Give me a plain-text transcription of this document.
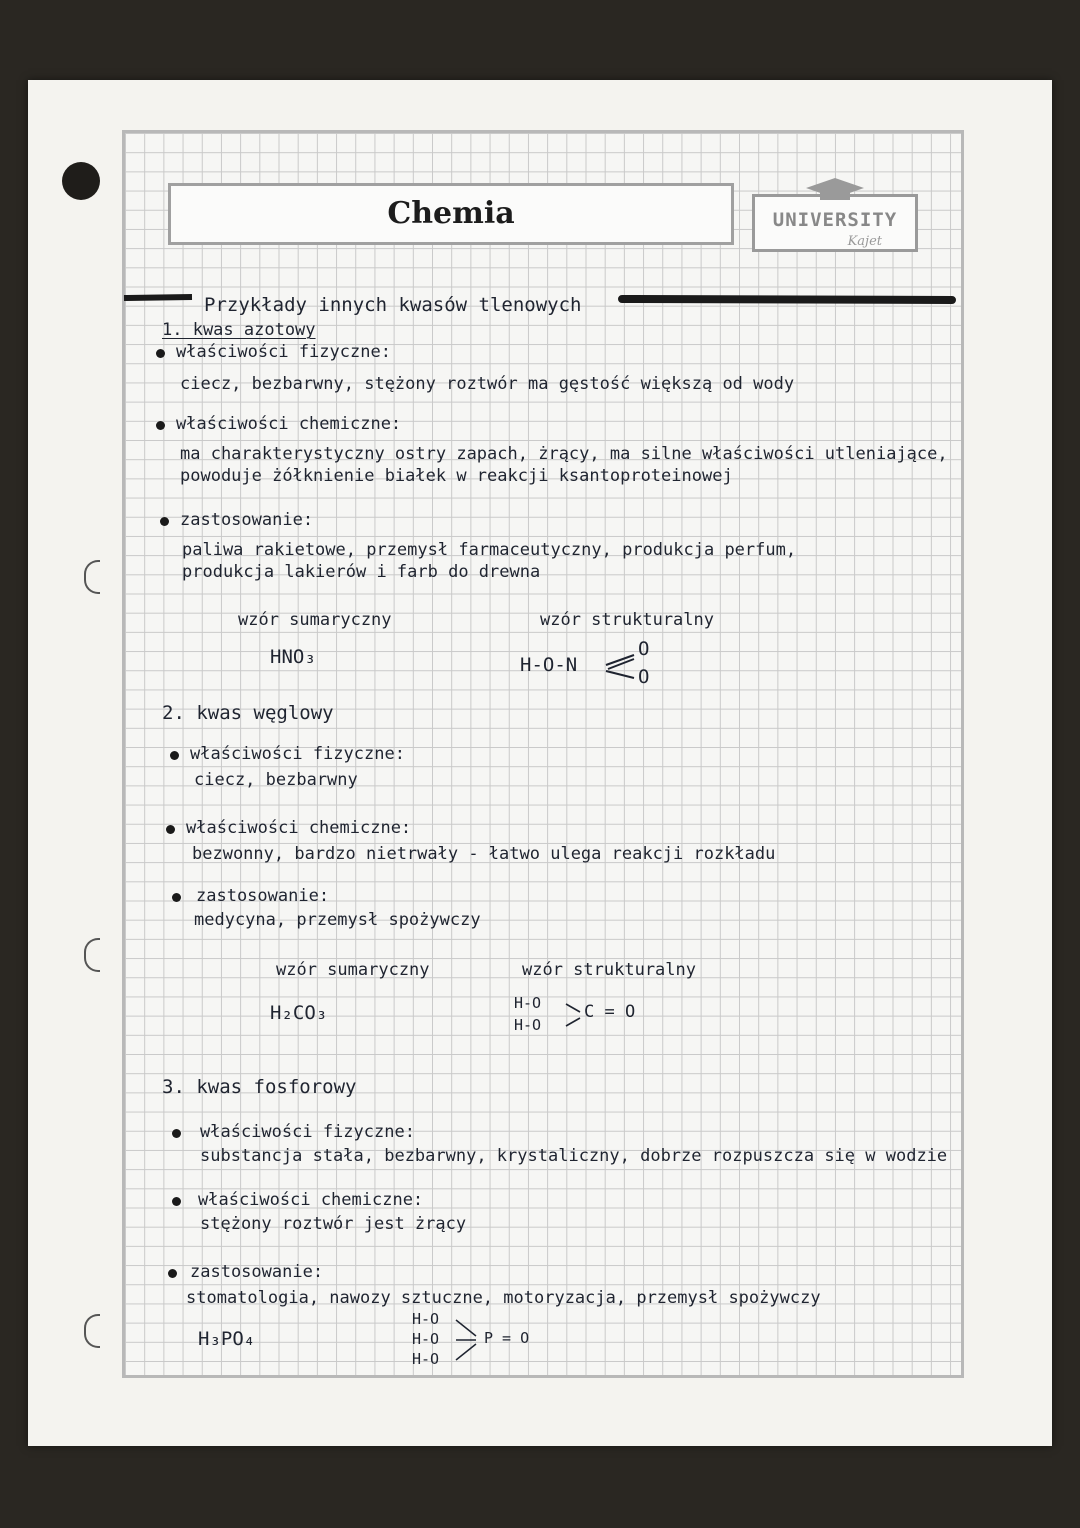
Chemia	UNIVERSITY
Kajet
Przykłady innych kwasów tlenowych
1. kwas azotowy
właściwości fizyczne:
ciecz, bezbarwny, stężony roztwór ma gęstość większą od wody
właściwości chemiczne:
ma charakterystyczny ostry zapach, żrący, ma silne właściwości utleniające,
powoduje żółknienie białek w reakcji ksantoproteinowej
zastosowanie:
paliwa rakietowe, przemysł farmaceutyczny, produkcja perfum,
produkcja lakierów i farb do drewna
wzór sumaryczny
HNO₃
wzór strukturalny
H-O-N
O
O
2. kwas węglowy
właściwości fizyczne:
ciecz, bezbarwny
właściwości chemiczne:
bezwonny, bardzo nietrwały - łatwo ulega reakcji rozkładu
zastosowanie:
medycyna, przemysł spożywczy
wzór sumaryczny
H₂CO₃
wzór strukturalny
H-O
H-O
C = O
3. kwas fosforowy
właściwości fizyczne:
substancja stała, bezbarwny, krystaliczny, dobrze rozpuszcza się w wodzie
właściwości chemiczne:
stężony roztwór jest żrący
zastosowanie:
stomatologia, nawozy sztuczne, motoryzacja, przemysł spożywczy
H₃PO₄
H-O
H-O
H-O
P = O
